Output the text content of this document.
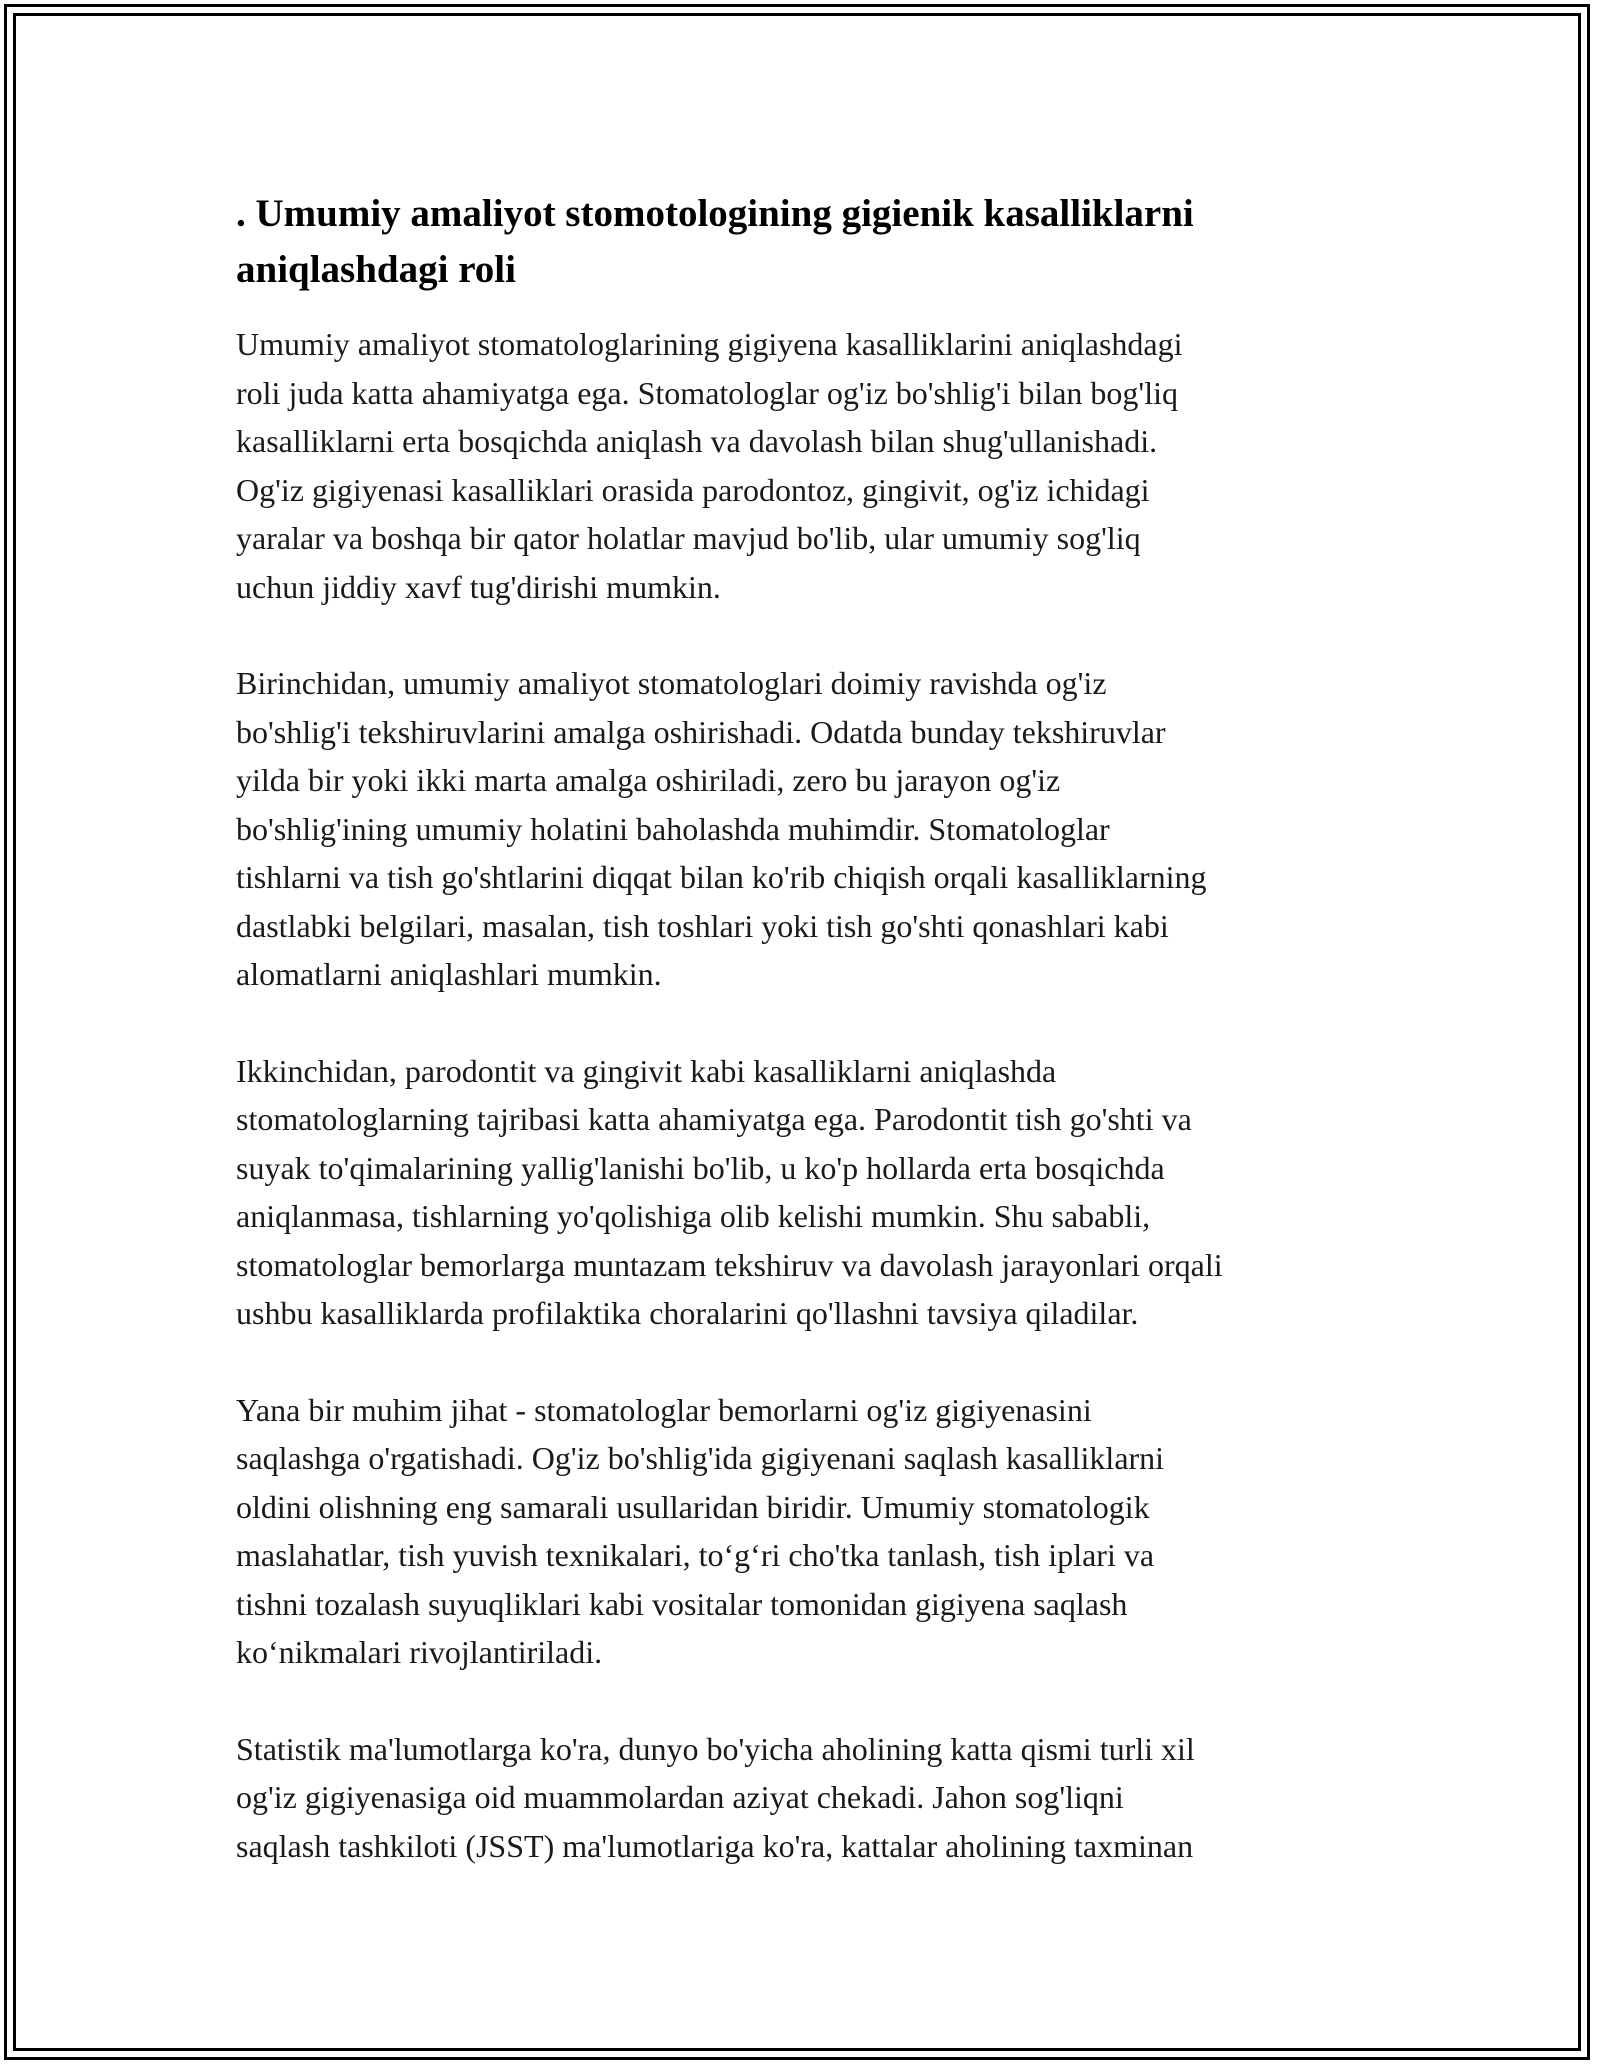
. Umumiy amaliyot stomotologining gigienik kasalliklarni
aniqlashdagi roli

Umumiy amaliyot stomatologlarining gigiyena kasalliklarini aniqlashdagi
roli juda katta ahamiyatga ega. Stomatologlar og'iz bo'shlig'i bilan bog'liq
kasalliklarni erta bosqichda aniqlash va davolash bilan shug'ullanishadi.
Og'iz gigiyenasi kasalliklari orasida parodontoz, gingivit, og'iz ichidagi
yaralar va boshqa bir qator holatlar mavjud bo'lib, ular umumiy sog'liq
uchun jiddiy xavf tug'dirishi mumkin.

Birinchidan, umumiy amaliyot stomatologlari doimiy ravishda og'iz
bo'shlig'i tekshiruvlarini amalga oshirishadi. Odatda bunday tekshiruvlar
yilda bir yoki ikki marta amalga oshiriladi, zero bu jarayon og'iz
bo'shlig'ining umumiy holatini baholashda muhimdir. Stomatologlar
tishlarni va tish go'shtlarini diqqat bilan ko'rib chiqish orqali kasalliklarning
dastlabki belgilari, masalan, tish toshlari yoki tish go'shti qonashlari kabi
alomatlarni aniqlashlari mumkin.

Ikkinchidan, parodontit va gingivit kabi kasalliklarni aniqlashda
stomatologlarning tajribasi katta ahamiyatga ega. Parodontit tish go'shti va
suyak to'qimalarining yallig'lanishi bo'lib, u ko'p hollarda erta bosqichda
aniqlanmasa, tishlarning yo'qolishiga olib kelishi mumkin. Shu sababli,
stomatologlar bemorlarga muntazam tekshiruv va davolash jarayonlari orqali
ushbu kasalliklarda profilaktika choralarini qo'llashni tavsiya qiladilar.

Yana bir muhim jihat - stomatologlar bemorlarni og'iz gigiyenasini
saqlashga o'rgatishadi. Og'iz bo'shlig'ida gigiyenani saqlash kasalliklarni
oldini olishning eng samarali usullaridan biridir. Umumiy stomatologik
maslahatlar, tish yuvish texnikalari, to‘g‘ri cho'tka tanlash, tish iplari va
tishni tozalash suyuqliklari kabi vositalar tomonidan gigiyena saqlash
ko‘nikmalari rivojlantiriladi.

Statistik ma'lumotlarga ko'ra, dunyo bo'yicha aholining katta qismi turli xil
og'iz gigiyenasiga oid muammolardan aziyat chekadi. Jahon sog'liqni
saqlash tashkiloti (JSST) ma'lumotlariga ko'ra, kattalar aholining taxminan
